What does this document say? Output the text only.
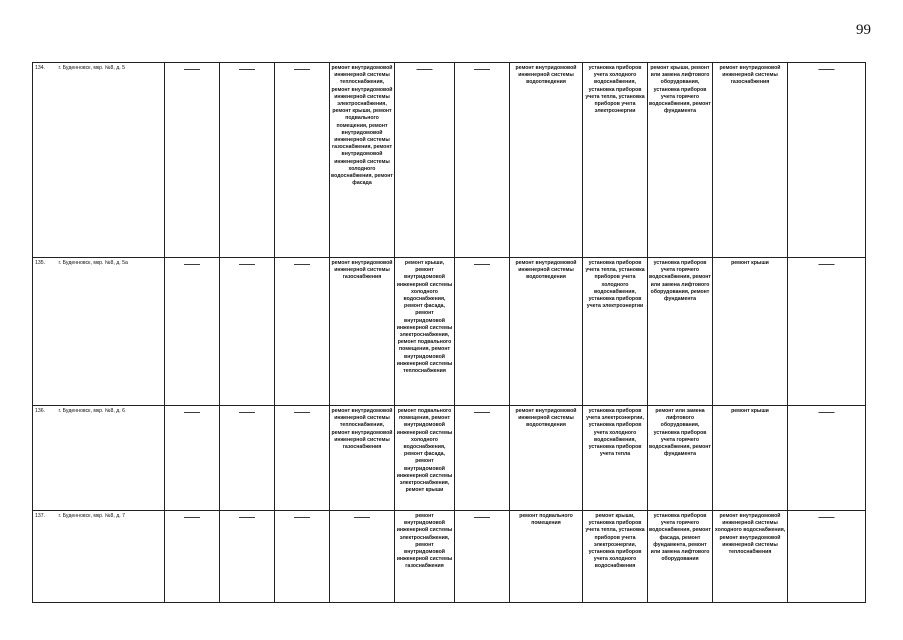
99
134.	г. Буденновск, мкр. №8, д. 5	——	——	——	ремонт внутридомовой инженерной системы теплоснабжения, ремонт внутридомовой инженерной системы электроснабжения, ремонт крыши, ремонт подвального помещения, ремонт внутридомовой инженерной системы газоснабжения, ремонт внутридомовой инженерной системы холодного водоснабжения, ремонт фасада	——	——	ремонт внутридомовой инженерной системы водоотведения	установка приборов учета холодного водоснабжения, установка приборов учета тепла, установка приборов учета электроэнергии	ремонт крыши, ремонт или замена лифтового оборудования, установка приборов учета горячего водоснабжения, ремонт фундамента	ремонт внутридомовой инженерной системы газоснабжения	——

135.	г. Буденновск, мкр. №8, д. 5а	——	——	——	ремонт внутридомовой инженерной системы газоснабжения	ремонт крыши, ремонт внутридомовой инженерной системы холодного водоснабжения, ремонт фасада, ремонт внутридомовой инженерной системы электроснабжения, ремонт подвального помещения, ремонт внутридомовой инженерной системы теплоснабжения	——	ремонт внутридомовой инженерной системы водоотведения	установка приборов учета тепла, установка приборов учета холодного водоснабжения, установка приборов учета электроэнергии	установка приборов учета горячего водоснабжения, ремонт или замена лифтового оборудования, ремонт фундамента	ремонт крыши	——

136.	г. Буденновск, мкр. №8, д. 6	——	——	——	ремонт внутридомовой инженерной системы теплоснабжения, ремонт внутридомовой инженерной системы газоснабжения	ремонт подвального помещения, ремонт внутридомовой инженерной системы холодного водоснабжения, ремонт фасада, ремонт внутридомовой инженерной системы электроснабжения, ремонт крыши	——	ремонт внутридомовой инженерной системы водоотведения	установка приборов учета электроэнергии, установка приборов учета холодного водоснабжения, установка приборов учета тепла	ремонт или замена лифтового оборудования, установка приборов учета горячего водоснабжения, ремонт фундамента	ремонт крыши	——

137.	г. Буденновск, мкр. №8, д. 7	——	——	——	——	ремонт внутридомовой инженерной системы электроснабжения, ремонт внутридомовой инженерной системы газоснабжения	——	ремонт подвального помещения	ремонт крыши, установка приборов учета тепла, установка приборов учета электроэнергии, установка приборов учета холодного водоснабжения	установка приборов учета горячего водоснабжения, ремонт фасада, ремонт фундамента, ремонт или замена лифтового оборудования	ремонт внутридомовой инженерной системы холодного водоснабжения, ремонт внутридомовой инженерной системы теплоснабжения	——
